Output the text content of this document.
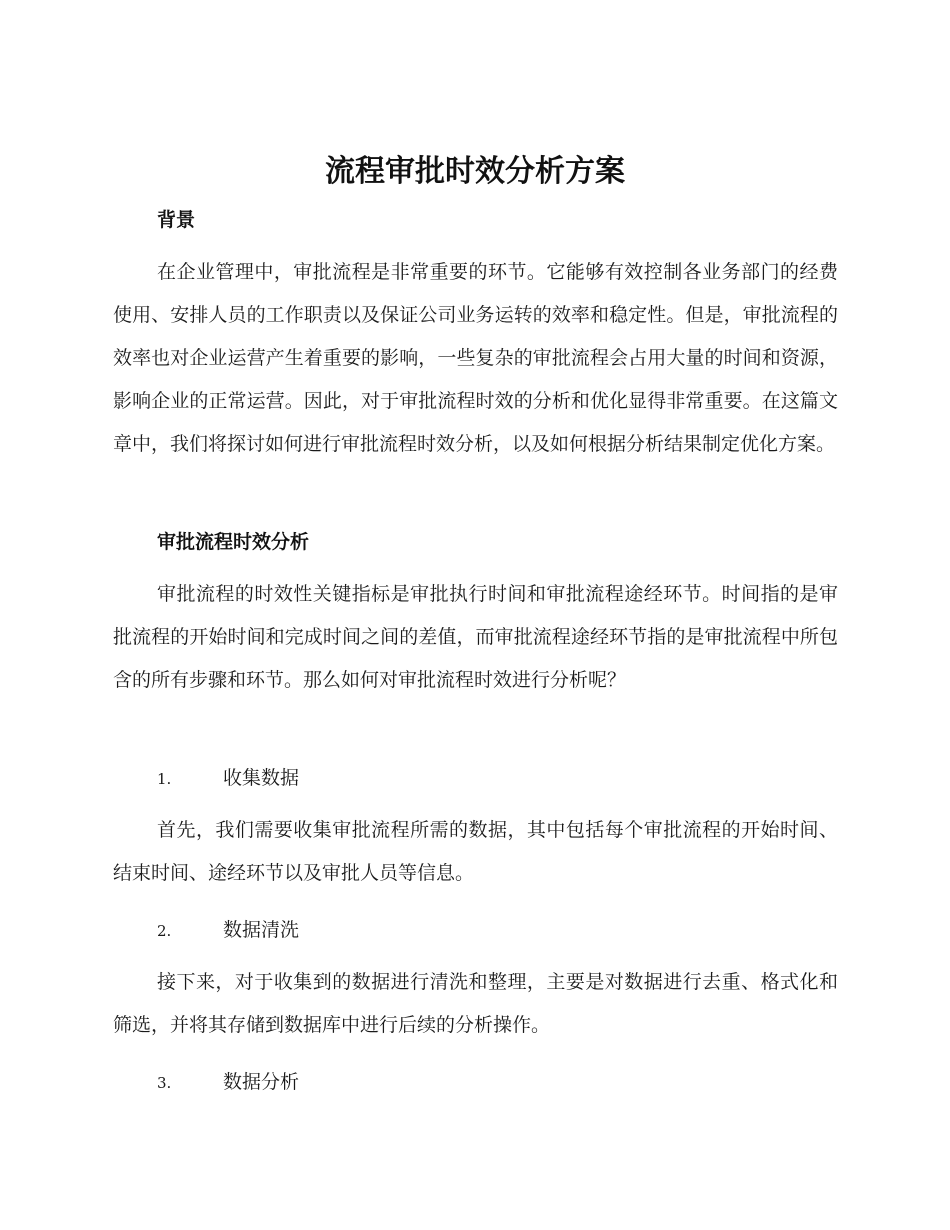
流程审批时效分析方案
背景

在企业管理中，审批流程是非常重要的环节。它能够有效控制各业务部门的经费使用、安排人员的工作职责以及保证公司业务运转的效率和稳定性。但是，审批流程的效率也对企业运营产生着重要的影响，一些复杂的审批流程会占用大量的时间和资源，影响企业的正常运营。因此，对于审批流程时效的分析和优化显得非常重要。在这篇文章中，我们将探讨如何进行审批流程时效分析，以及如何根据分析结果制定优化方案。

审批流程时效分析

审批流程的时效性关键指标是审批执行时间和审批流程途经环节。时间指的是审批流程的开始时间和完成时间之间的差值，而审批流程途经环节指的是审批流程中所包含的所有步骤和环节。那么如何对审批流程时效进行分析呢？

1.	收集数据

首先，我们需要收集审批流程所需的数据，其中包括每个审批流程的开始时间、结束时间、途经环节以及审批人员等信息。

2.	数据清洗

接下来，对于收集到的数据进行清洗和整理，主要是对数据进行去重、格式化和筛选，并将其存储到数据库中进行后续的分析操作。

3.	数据分析
